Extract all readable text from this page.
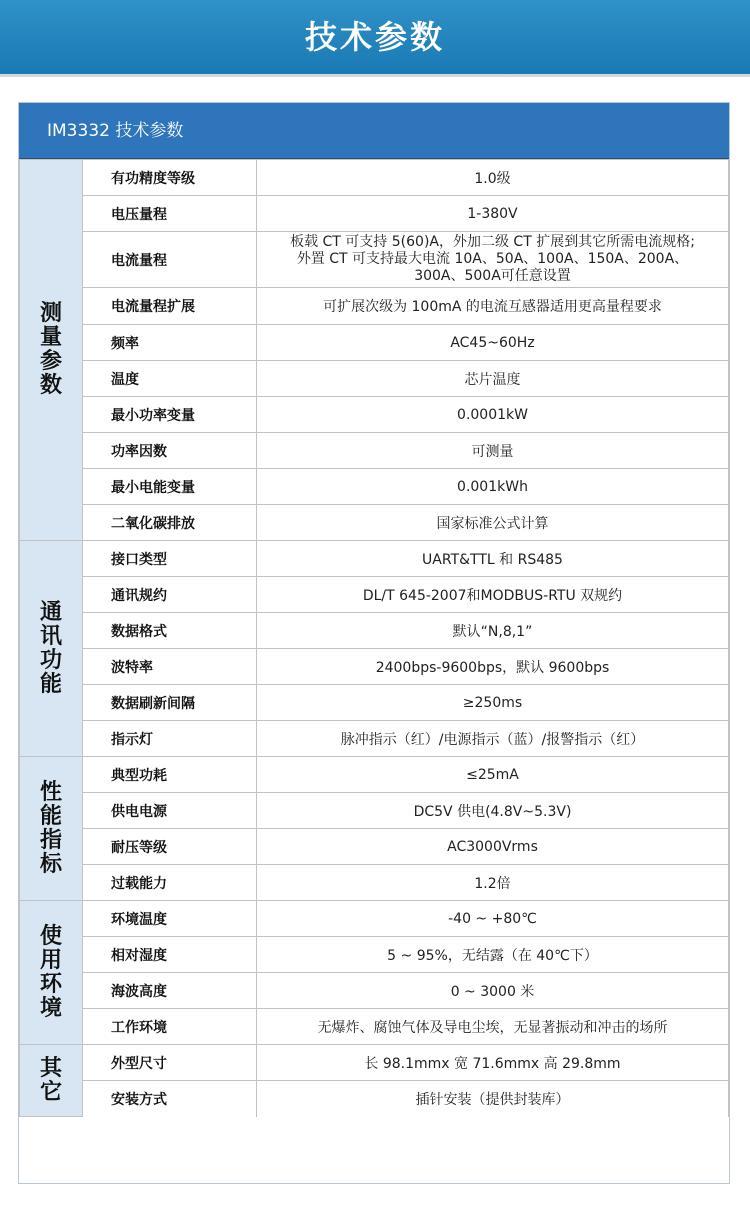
技术参数
IM3332 技术参数
测
量
参
数	有功精度等级	1.0级
	电压量程	1-380V
	电流量程	板载 CT 可支持 5(60)A，外加二级 CT 扩展到其它所需电流规格;
外置 CT 可支持最大电流 10A、50A、100A、150A、200A、
300A、500A可任意设置

	电流量程扩展	可扩展次级为 100mA 的电流互感器适用更高量程要求
	频率	AC45~60Hz
	温度	芯片温度
	最小功率变量	0.0001kW
	功率因数	可测量
	最小电能变量	0.001kWh
	二氧化碳排放	国家标准公式计算

通
讯
功
能	接口类型	UART&TTL 和 RS485
	通讯规约	DL/T 645-2007和MODBUS-RTU 双规约
	数据格式	默认“N,8,1”
	波特率	2400bps-9600bps，默认 9600bps
	数据刷新间隔	≥250ms
	指示灯	脉冲指示（红）/电源指示（蓝）/报警指示（红）

性
能
指
标	典型功耗	≤25mA
	供电电源	DC5V 供电(4.8V~5.3V)
	耐压等级	AC3000Vrms
	过载能力	1.2倍

使
用
环
境	环境温度	-40 ~ +80℃
	相对湿度	5 ~ 95%，无结露（在 40℃下）
	海波高度	0 ~ 3000 米
	工作环境	无爆炸、腐蚀气体及导电尘埃，无显著振动和冲击的场所

其
它	外型尺寸	长 98.1mmx 宽 71.6mmx 高 29.8mm
	安装方式	插针安装（提供封装库）
